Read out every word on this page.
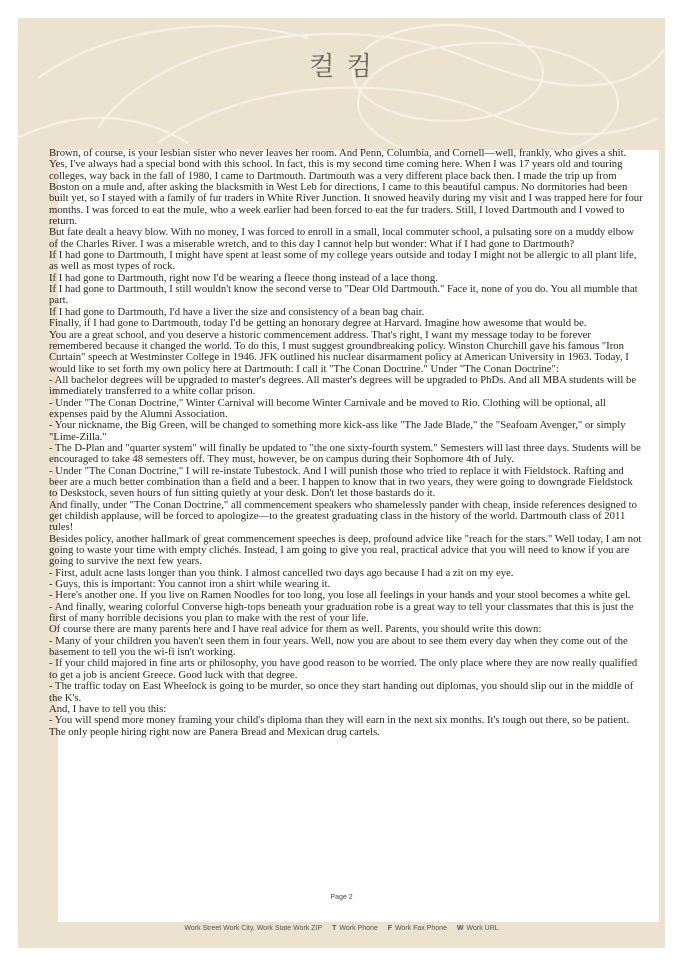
컬 컴

Brown, of course, is your lesbian sister who never leaves her room. And Penn, Columbia, and Cornell—well, frankly, who gives a shit.

Yes, I've always had a special bond with this school. In fact, this is my second time coming here. When I was 17 years old and touring colleges, way back in the fall of 1980, I came to Dartmouth. Dartmouth was a very different place back then. I made the trip up from Boston on a mule and, after asking the blacksmith in West Leb for directions, I came to this beautiful campus. No dormitories had been built yet, so I stayed with a family of fur traders in White River Junction. It snowed heavily during my visit and I was trapped here for four months. I was forced to eat the mule, who a week earlier had been forced to eat the fur traders. Still, I loved Dartmouth and I vowed to return.

But fate dealt a heavy blow. With no money, I was forced to enroll in a small, local commuter school, a pulsating sore on a muddy elbow of the Charles River. I was a miserable wretch, and to this day I cannot help but wonder: What if I had gone to Dartmouth?

If I had gone to Dartmouth, I might have spent at least some of my college years outside and today I might not be allergic to all plant life, as well as most types of rock.

If I had gone to Dartmouth, right now I'd be wearing a fleece thong instead of a lace thong.

If I had gone to Dartmouth, I still wouldn't know the second verse to "Dear Old Dartmouth." Face it, none of you do. You all mumble that part.

If I had gone to Dartmouth, I'd have a liver the size and consistency of a bean bag chair.

Finally, if I had gone to Dartmouth, today I'd be getting an honorary degree at Harvard. Imagine how awesome that would be.

You are a great school, and you deserve a historic commencement address. That's right, I want my message today to be forever remembered because it changed the world. To do this, I must suggest groundbreaking policy. Winston Churchill gave his famous "Iron Curtain" speech at Westminster College in 1946. JFK outlined his nuclear disarmament policy at American University in 1963. Today, I would like to set forth my own policy here at Dartmouth: I call it "The Conan Doctrine." Under "The Conan Doctrine":

- All bachelor degrees will be upgraded to master's degrees. All master's degrees will be upgraded to PhDs. And all MBA students will be immediately transferred to a white collar prison.

- Under "The Conan Doctrine," Winter Carnival will become Winter Carnivale and be moved to Rio. Clothing will be optional, all expenses paid by the Alumni Association.

- Your nickname, the Big Green, will be changed to something more kick-ass like "The Jade Blade," the "Seafoam Avenger," or simply "Lime-Zilla."

- The D-Plan and "quarter system" will finally be updated to "the one sixty-fourth system." Semesters will last three days. Students will be encouraged to take 48 semesters off. They must, however, be on campus during their Sophomore 4th of July.

- Under "The Conan Doctrine," I will re-instate Tubestock. And I will punish those who tried to replace it with Fieldstock. Rafting and beer are a much better combination than a field and a beer. I happen to know that in two years, they were going to downgrade Fieldstock to Deskstock, seven hours of fun sitting quietly at your desk. Don't let those bastards do it.

And finally, under "The Conan Doctrine," all commencement speakers who shamelessly pander with cheap, inside references designed to get childish applause, will be forced to apologize—to the greatest graduating class in the history of the world. Dartmouth class of 2011 rules!

Besides policy, another hallmark of great commencement speeches is deep, profound advice like "reach for the stars." Well today, I am not going to waste your time with empty clichés. Instead, I am going to give you real, practical advice that you will need to know if you are going to survive the next few years.

- First, adult acne lasts longer than you think. I almost cancelled two days ago because I had a zit on my eye.

- Guys, this is important: You cannot iron a shirt while wearing it.

- Here's another one. If you live on Ramen Noodles for too long, you lose all feelings in your hands and your stool becomes a white gel.

- And finally, wearing colorful Converse high-tops beneath your graduation robe is a great way to tell your classmates that this is just the first of many horrible decisions you plan to make with the rest of your life.

Of course there are many parents here and I have real advice for them as well. Parents, you should write this down:

- Many of your children you haven't seen them in four years. Well, now you are about to see them every day when they come out of the basement to tell you the wi-fi isn't working.

- If your child majored in fine arts or philosophy, you have good reason to be worried. The only place where they are now really qualified to get a job is ancient Greece. Good luck with that degree.

- The traffic today on East Wheelock is going to be murder, so once they start handing out diplomas, you should slip out in the middle of the K's.

And, I have to tell you this:

- You will spend more money framing your child's diploma than they will earn in the next six months. It's tough out there, so be patient. The only people hiring right now are Panera Bread and Mexican drug cartels.

Page 2
Work Street Work City, Work State Work ZIP T Work Phone F Work Fax Phone W Work URL
